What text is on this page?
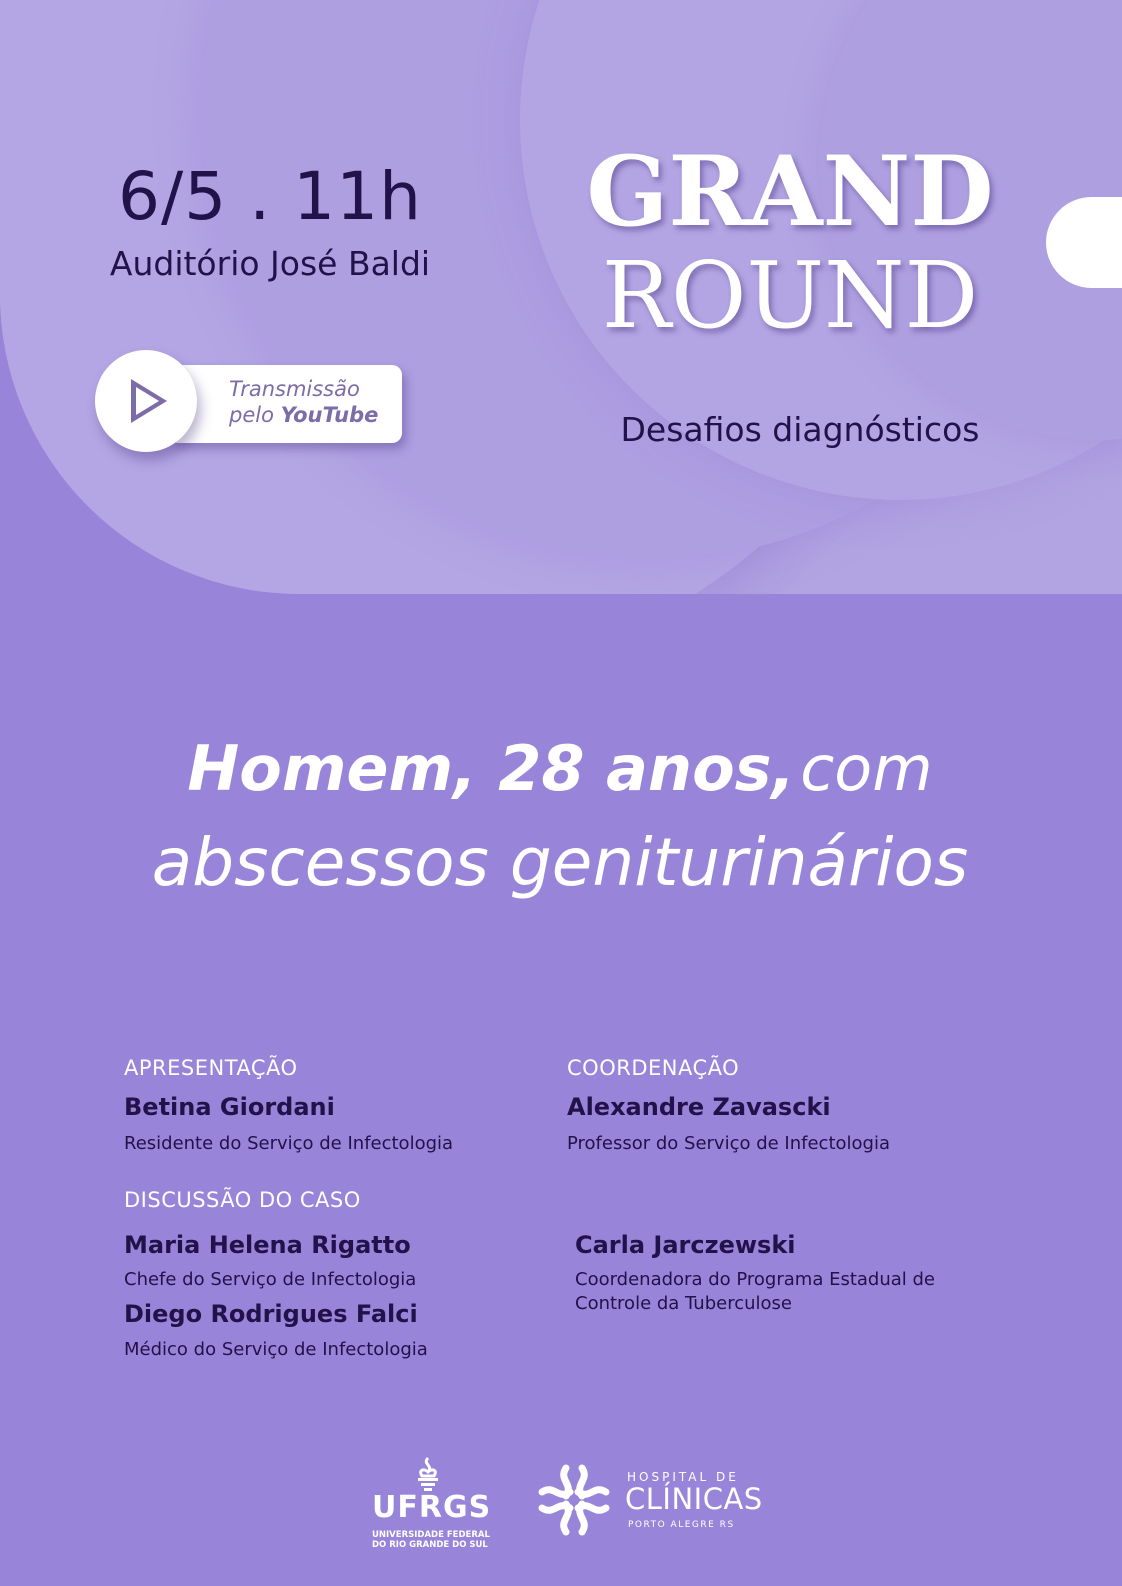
6/5 . 11h
Auditório José Baldi
Transmissão
pelo YouTube
GRAND
ROUND
Desafios diagnósticos
Homem, 28 anos, com
abscessos geniturinários
APRESENTAÇÃO
Betina Giordani
Residente do Serviço de Infectologia
COORDENAÇÃO
Alexandre Zavascki
Professor do Serviço de Infectologia
DISCUSSÃO DO CASO
Maria Helena Rigatto
Chefe do Serviço de Infectologia
Diego Rodrigues Falci
Médico do Serviço de Infectologia
Carla Jarczewski
Coordenadora do Programa Estadual de
Controle da Tuberculose
UFRGS
UNIVERSIDADE FEDERAL
DO RIO GRANDE DO SUL
HOSPITAL DE
CLÍNICAS
PORTO ALEGRE RS
